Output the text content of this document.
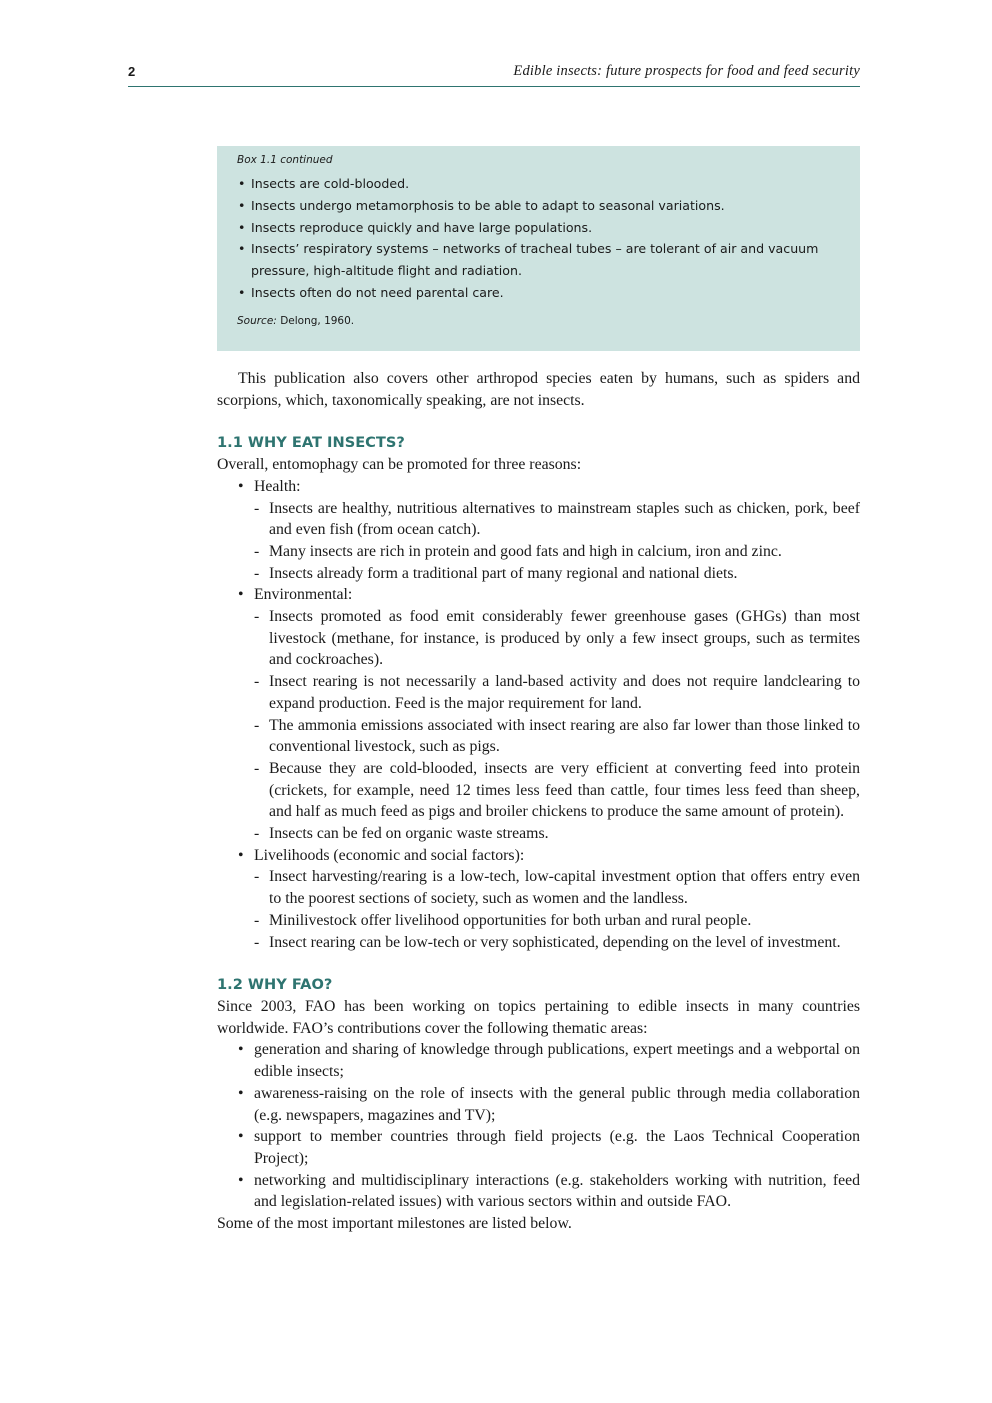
2	Edible insects: future prospects for food and feed security
Box 1.1 continued
• Insects are cold-blooded.
• Insects undergo metamorphosis to be able to adapt to seasonal variations.
• Insects reproduce quickly and have large populations.
• Insects’ respiratory systems – networks of tracheal tubes – are tolerant of air and vacuum pressure, high-altitude flight and radiation.
• Insects often do not need parental care.
Source: Delong, 1960.

This publication also covers other arthropod species eaten by humans, such as spiders and scorpions, which, taxonomically speaking, are not insects.

1.1 WHY EAT INSECTS?

Overall, entomophagy can be promoted for three reasons:

• Health:
- Insects are healthy, nutritious alternatives to mainstream staples such as chicken, pork, beef and even fish (from ocean catch).
- Many insects are rich in protein and good fats and high in calcium, iron and zinc.
- Insects already form a traditional part of many regional and national diets.
• Environmental:
- Insects promoted as food emit considerably fewer greenhouse gases (GHGs) than most livestock (methane, for instance, is produced by only a few insect groups, such as termites and cockroaches).
- Insect rearing is not necessarily a land-based activity and does not require landclearing to expand production. Feed is the major requirement for land.
- The ammonia emissions associated with insect rearing are also far lower than those linked to conventional livestock, such as pigs.
- Because they are cold-blooded, insects are very efficient at converting feed into protein (crickets, for example, need 12 times less feed than cattle, four times less feed than sheep, and half as much feed as pigs and broiler chickens to produce the same amount of protein).
- Insects can be fed on organic waste streams.
• Livelihoods (economic and social factors):
- Insect harvesting/rearing is a low-tech, low-capital investment option that offers entry even to the poorest sections of society, such as women and the landless.
- Minilivestock offer livelihood opportunities for both urban and rural people.
- Insect rearing can be low-tech or very sophisticated, depending on the level of investment.
1.2 WHY FAO?

Since 2003, FAO has been working on topics pertaining to edible insects in many countries worldwide. FAO’s contributions cover the following thematic areas:

• generation and sharing of knowledge through publications, expert meetings and a webportal on edible insects;
• awareness-raising on the role of insects with the general public through media collaboration (e.g. newspapers, magazines and TV);
• support to member countries through field projects (e.g. the Laos Technical Cooperation Project);
• networking and multidisciplinary interactions (e.g. stakeholders working with nutrition, feed and legislation-related issues) with various sectors within and outside FAO.

Some of the most important milestones are listed below.
